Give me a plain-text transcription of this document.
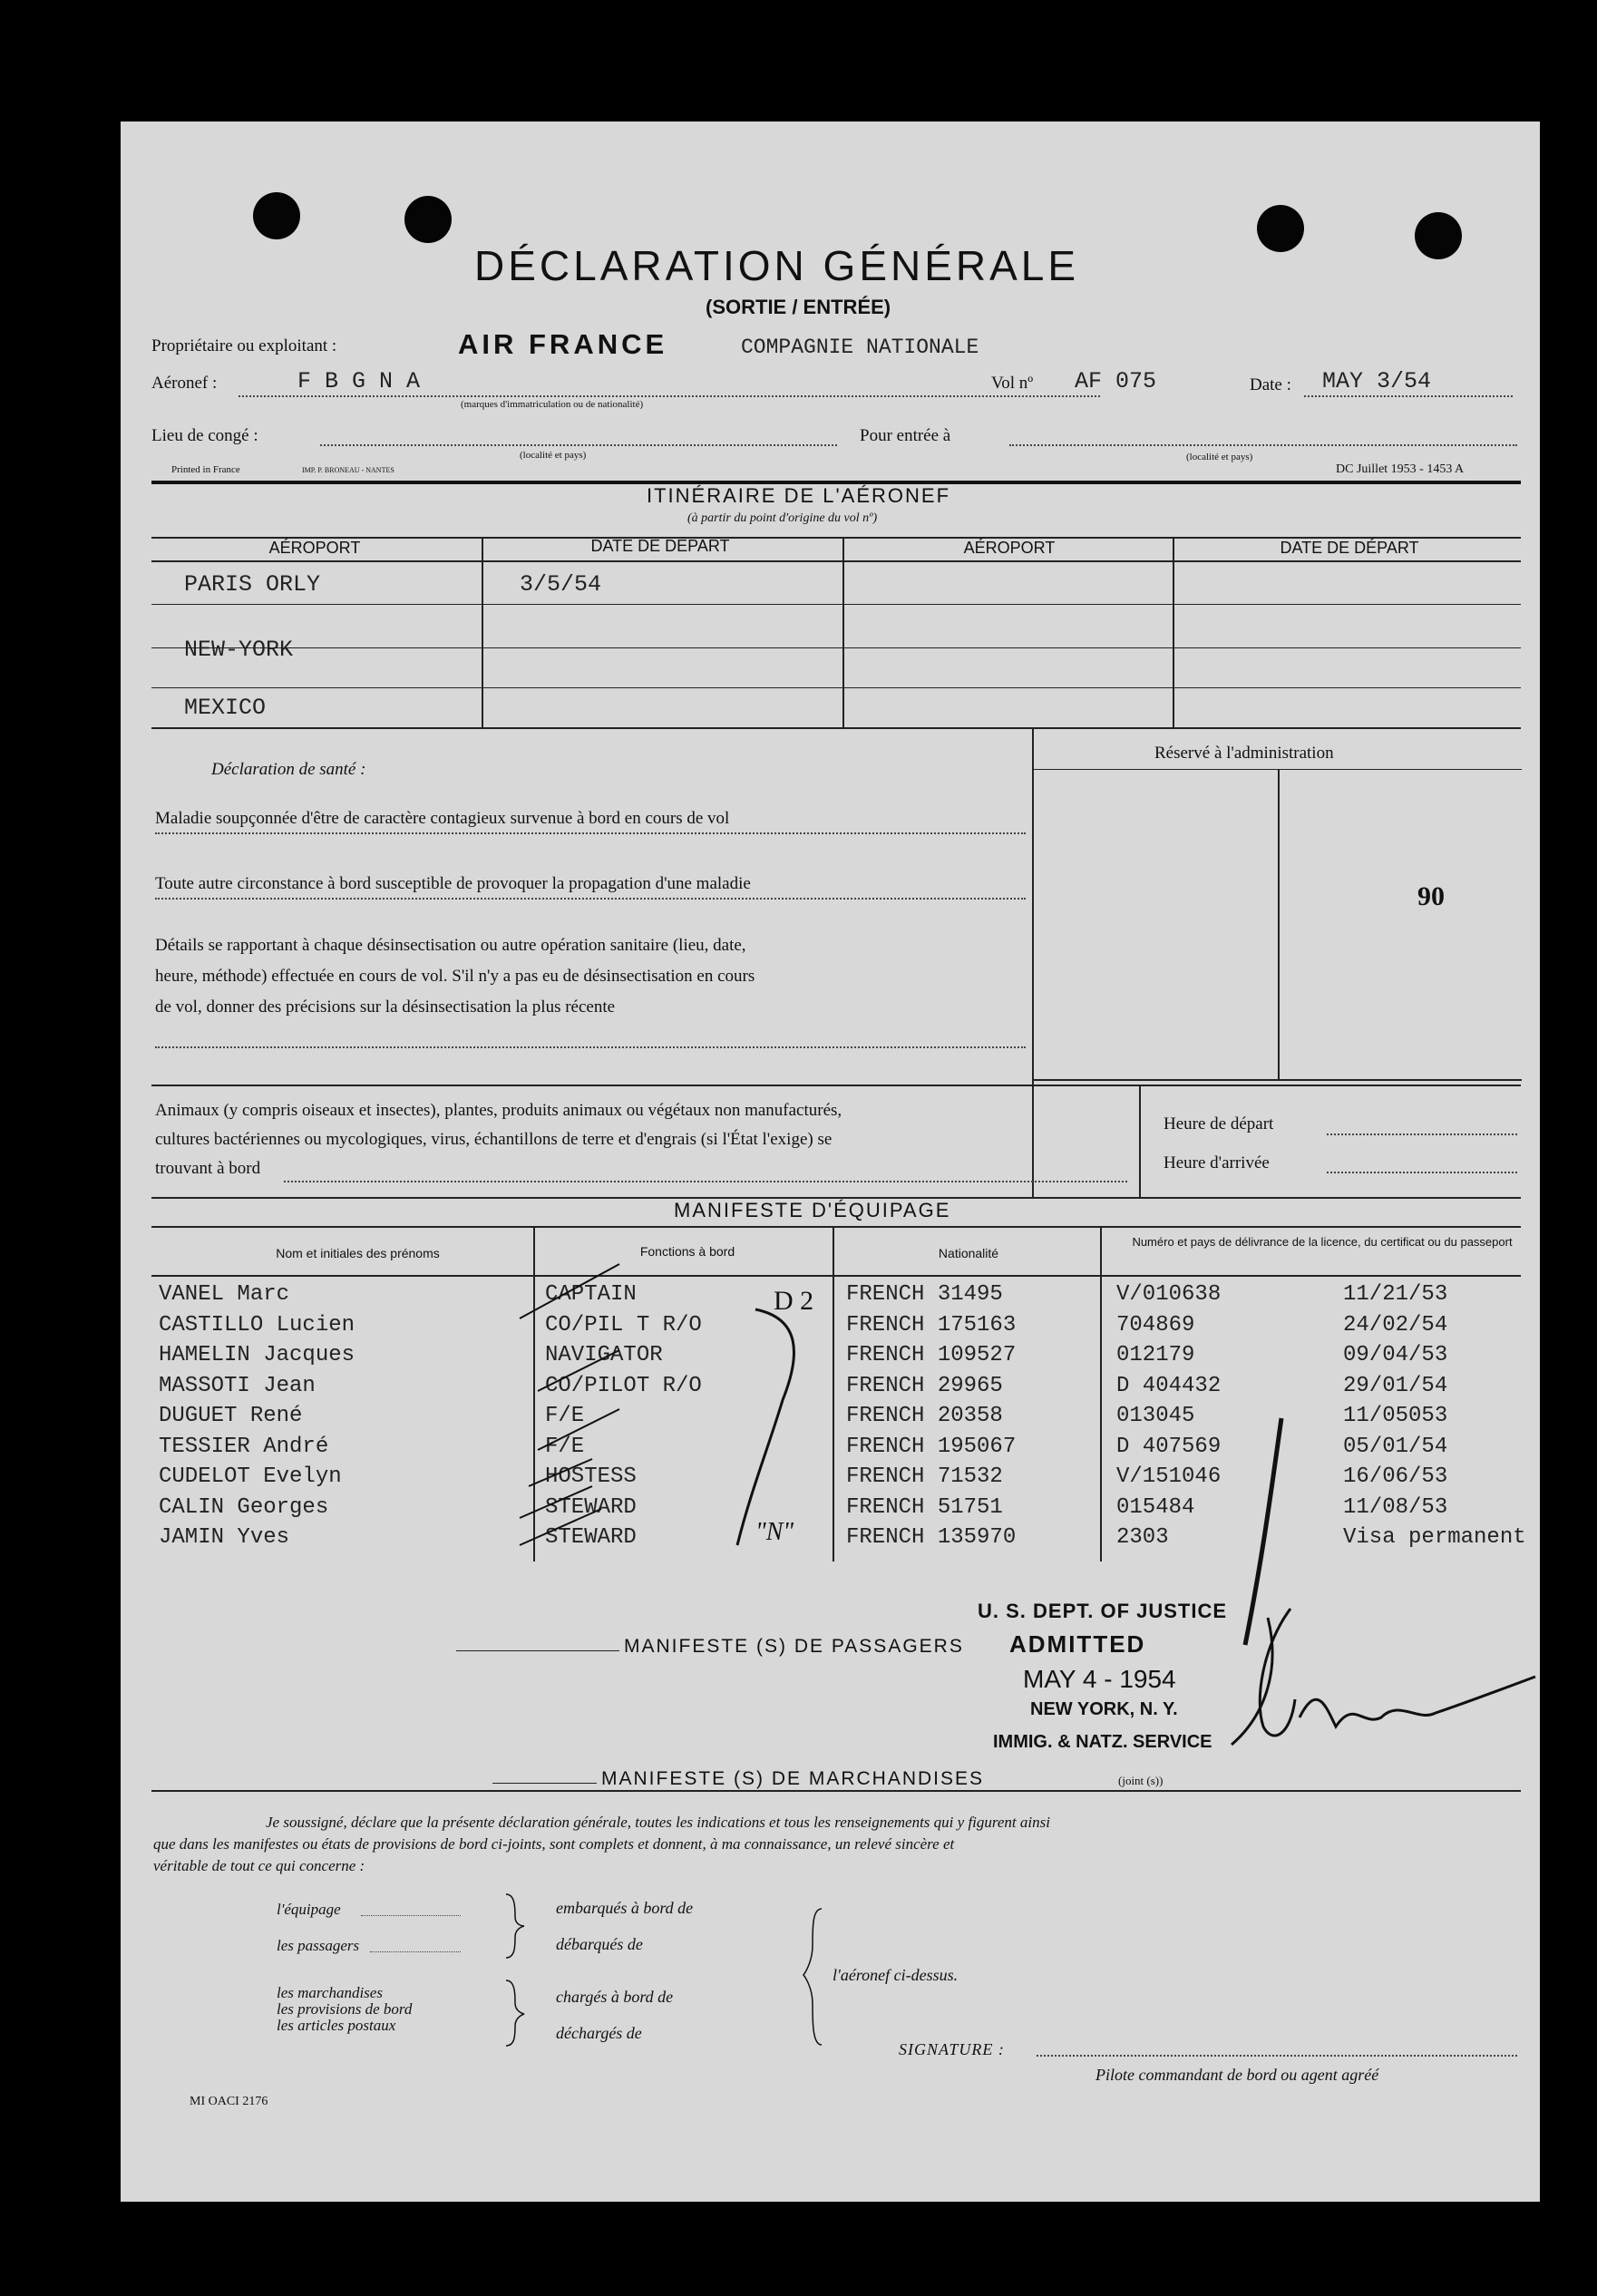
DÉCLARATION GÉNÉRALE
(SORTIE / ENTRÉE)
Propriétaire ou exploitant :	AIR FRANCE	COMPAGNIE NATIONALE
Aéronef :	F B G N A
(marques d'immatriculation ou de nationalité)
Vol nº AF 075	Date : MAY 3/54
Lieu de congé :	Pour entrée à
(localité et pays)	(localité et pays)
Printed in France	IMP. P. BRONEAU - NANTES	DC Juillet 1953 - 1453 A
ITINÉRAIRE DE L'AÉRONEF
(à partir du point d'origine du vol nº)
AÉROPORT	DATE DE DÉPART	AÉROPORT	DATE DE DÉPART
PARIS ORLY	3/5/54
NEW-YORK
MEXICO
Déclaration de santé :
Maladie soupçonnée d'être de caractère contagieux survenue à bord en cours de vol
Toute autre circonstance à bord susceptible de provoquer la propagation d'une maladie
Détails se rapportant à chaque désinsectisation ou autre opération sanitaire (lieu, date,
heure, méthode) effectuée en cours de vol. S'il n'y a pas eu de désinsectisation en cours
de vol, donner des précisions sur la désinsectisation la plus récente
Réservé à l'administration
90
Animaux (y compris oiseaux et insectes), plantes, produits animaux ou végétaux non manufacturés,
cultures bactériennes ou mycologiques, virus, échantillons de terre et d'engrais (si l'État l'exige) se
trouvant à bord
Heure de départ
Heure d'arrivée
MANIFESTE D'ÉQUIPAGE
Nom et initiales des prénoms	Fonctions à bord	Nationalité
Numéro et pays de délivrance de la licence, du certificat ou du passeport
VANEL Marc	CAPTAIN	FRENCH 31495	V/010638	11/21/53
CASTILLO Lucien	CO/PIL T R/O	FRENCH 175163	704869	24/02/54
HAMELIN Jacques	NAVIGATOR	FRENCH 109527	012179	09/04/53
MASSOTI Jean	CO/PILOT R/O	FRENCH 29965	D 404432	29/01/54
DUGUET René	F/E	FRENCH 20358	013045	11/05053
TESSIER André	F/E	FRENCH 195067	D 407569	05/01/54
CUDELOT Evelyn	HOSTESS	FRENCH 71532	V/151046	16/06/53
CALIN Georges	STEWARD	FRENCH 51751	015484	11/08/53
JAMIN Yves	STEWARD	FRENCH 135970	2303	Visa permanent
D 2
"N"
U. S. DEPT. OF JUSTICE
ADMITTED
MAY 4 - 1954
NEW YORK, N. Y.
IMMIG. & NATZ. SERVICE
MANIFESTE (S) DE PASSAGERS
MANIFESTE (S) DE MARCHANDISES	(joint (s))
Je soussigné, déclare que la présente déclaration générale, toutes les indications et tous les renseignements qui y figurent ainsi
que dans les manifestes ou états de provisions de bord ci-joints, sont complets et donnent, à ma connaissance, un relevé sincère et
véritable de tout ce qui concerne :
l'équipage
les passagers
les marchandises
les provisions de bord
les articles postaux
embarqués à bord de
débarqués de
chargés à bord de
déchargés de
l'aéronef ci-dessus.
SIGNATURE :
Pilote commandant de bord ou agent agréé
MI OACI 2176
